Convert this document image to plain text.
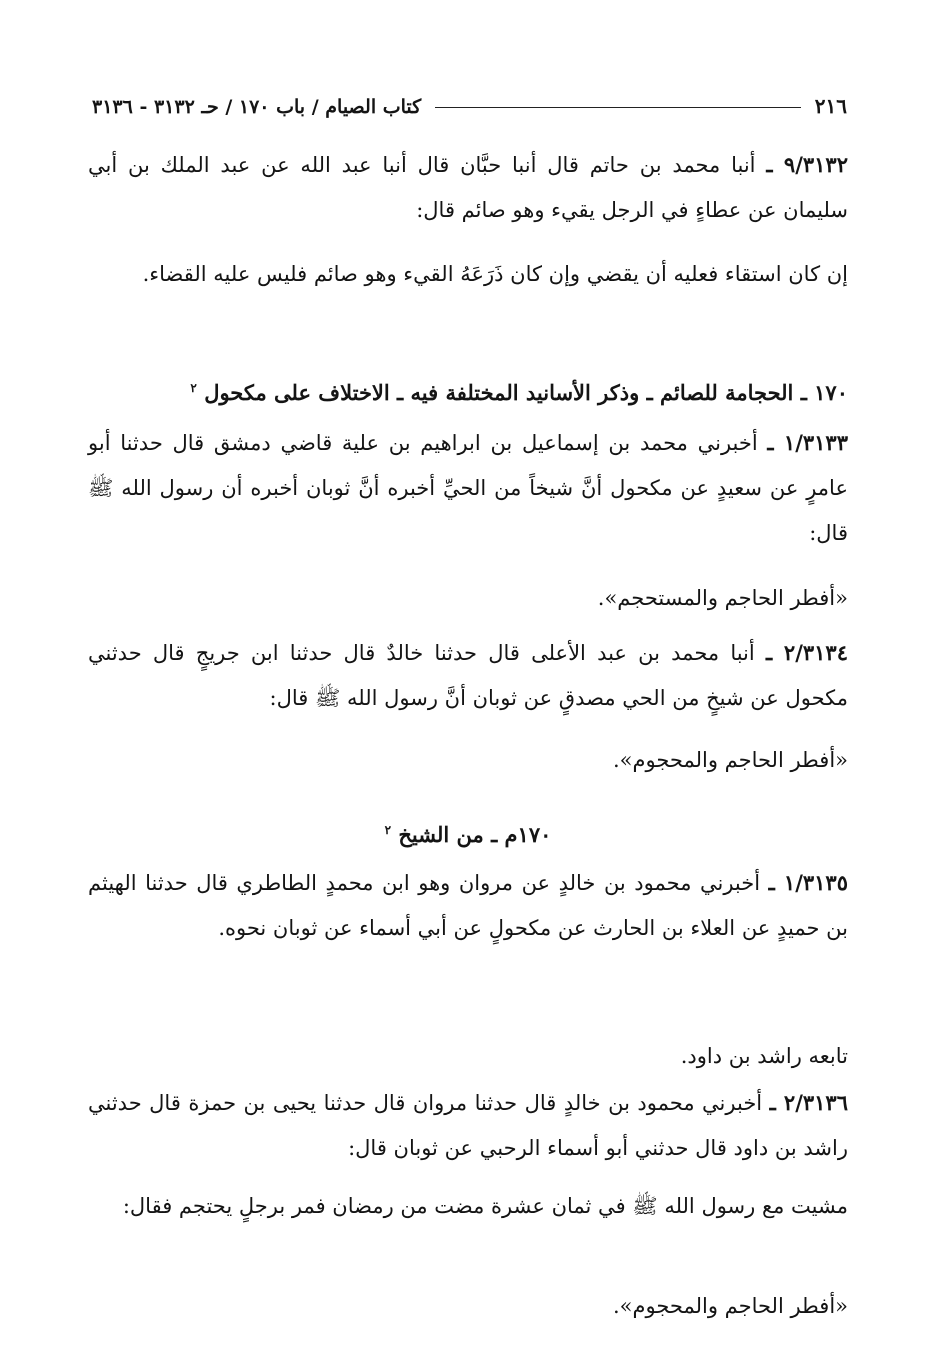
٢١٦
كتاب الصيام / باب ١٧٠ / حـ ٣١٣٢ - ٣١٣٦
٩/٣١٣٢ ـ أنبا محمد بن حاتم قال أنبا حبَّان قال أنبا عبد الله عن عبد الملك بن أبي سليمان عن عطاءٍ في الرجل يقيء وهو صائم قال:
إن كان استقاء فعليه أن يقضي وإن كان ذَرَعَهُ القيء وهو صائم فليس عليه القضاء.
١٧٠ ـ الحجامة للصائم ـ وذكر الأسانيد المختلفة فيه ـ الاختلاف على مكحول $^٢$
١/٣١٣٣ ـ أخبرني محمد بن إسماعيل بن ابراهيم بن علية قاضي دمشق قال حدثنا أبو عامرٍ عن سعيدٍ عن مكحول أنَّ شيخاً من الحيِّ أخبره أنَّ ثوبان أخبره أن رسول الله ﷺ قال:
«أفطر الحاجم والمستحجم».
٢/٣١٣٤ ـ أنبا محمد بن عبد الأعلى قال حدثنا خالدٌ قال حدثنا ابن جريجٍ قال حدثني مكحول عن شيخٍ من الحي مصدقٍ عن ثوبان أنَّ رسول الله ﷺ قال:
«أفطر الحاجم والمحجوم».
١٧٠م ـ من الشيخ $^٢$
١/٣١٣٥ ـ أخبرني محمود بن خالدٍ عن مروان وهو ابن محمدٍ الطاطري قال حدثنا الهيثم بن حميدٍ عن العلاء بن الحارث عن مكحولٍ عن أبي أسماء عن ثوبان نحوه.
تابعه راشد بن داود.
٢/٣١٣٦ ـ أخبرني محمود بن خالدٍ قال حدثنا مروان قال حدثنا يحيى بن حمزة قال حدثني راشد بن داود قال حدثني أبو أسماء الرحبي عن ثوبان قال:
مشيت مع رسول الله ﷺ في ثمان عشرة مضت من رمضان فمر برجلٍ يحتجم فقال:
«أفطر الحاجم والمحجوم».
